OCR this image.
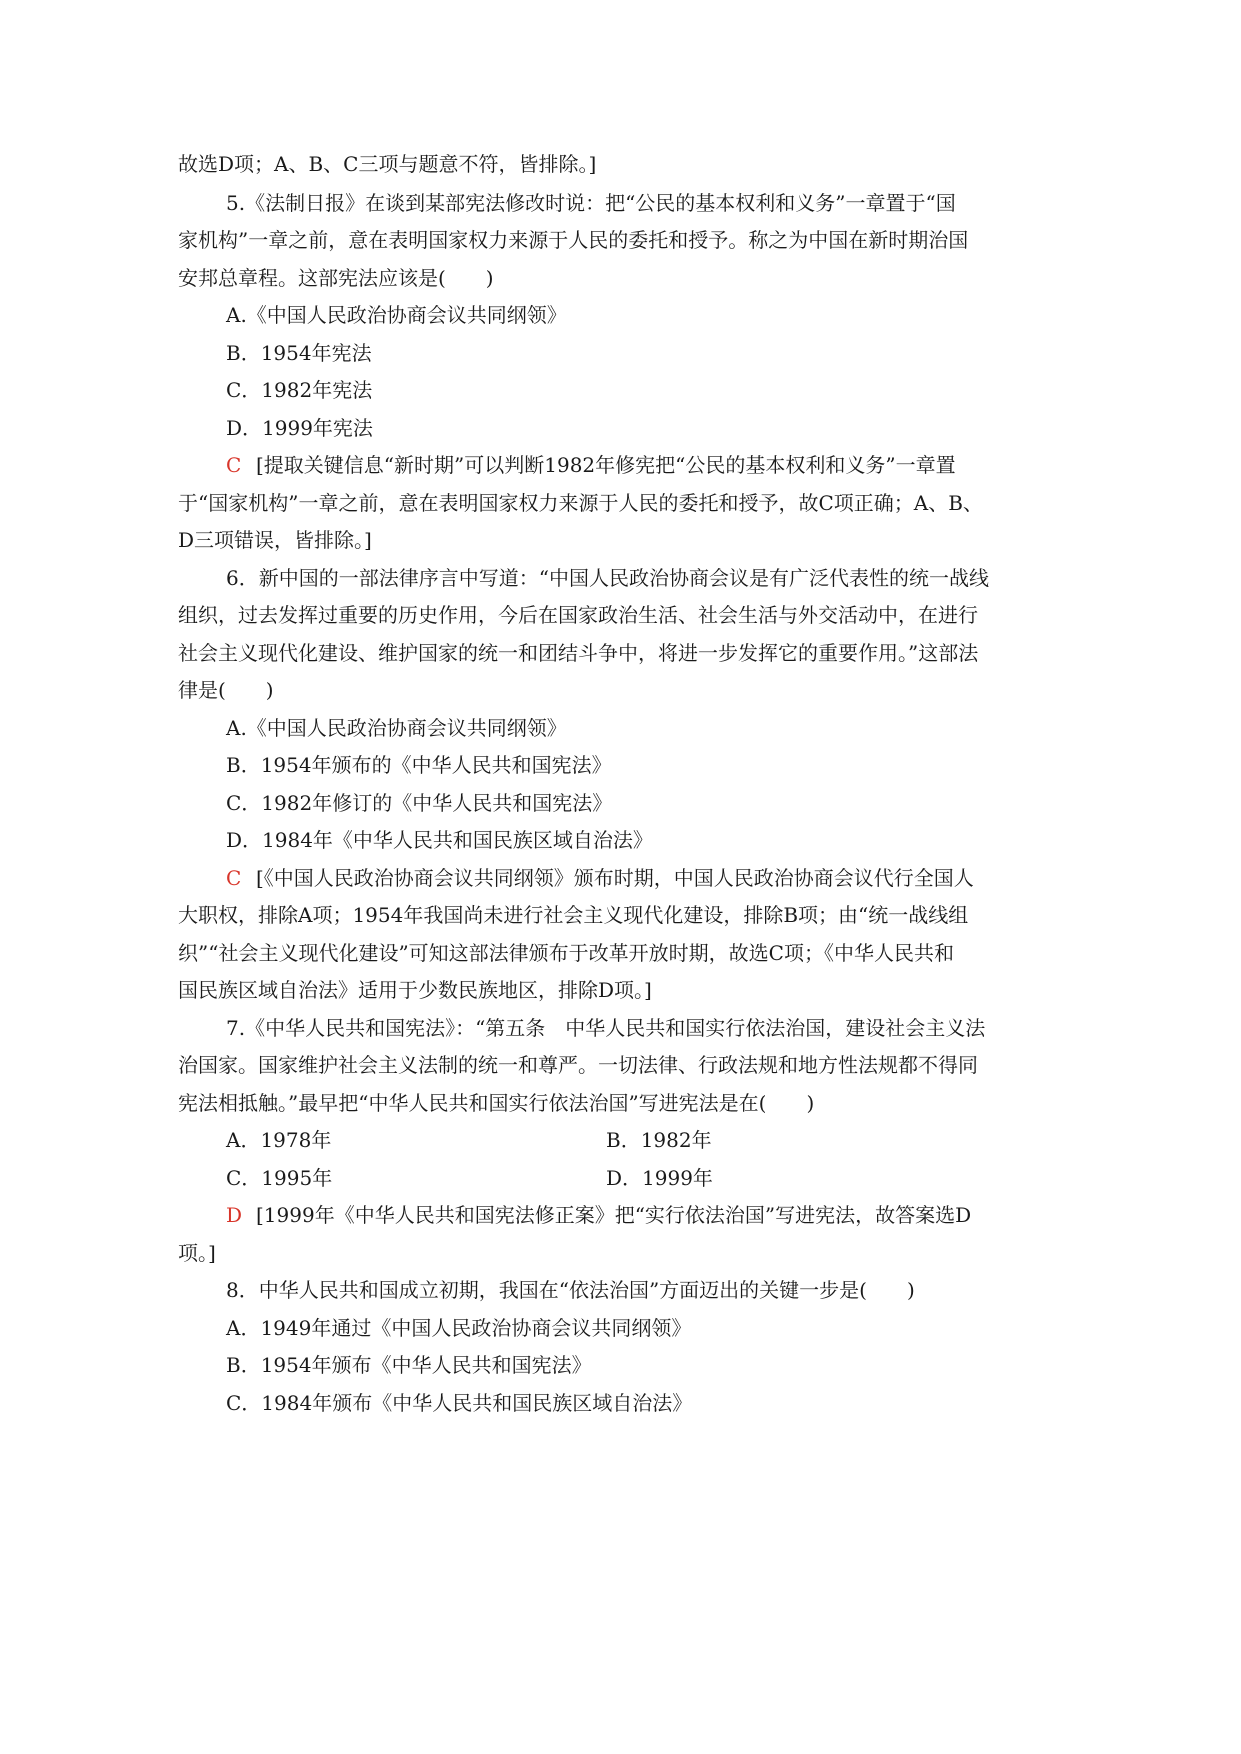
故选D项；A、B、C三项与题意不符，皆排除。]
5.《法制日报》在谈到某部宪法修改时说：把“公民的基本权利和义务”一章置于“国
家机构”一章之前，意在表明国家权力来源于人民的委托和授予。称之为中国在新时期治国
安邦总章程。这部宪法应该是(　　)
A.《中国人民政治协商会议共同纲领》
B．1954年宪法
C．1982年宪法
D．1999年宪法
C [提取关键信息“新时期”可以判断1982年修宪把“公民的基本权利和义务”一章置
于“国家机构”一章之前，意在表明国家权力来源于人民的委托和授予，故C项正确；A、B、
D三项错误，皆排除。]
6．新中国的一部法律序言中写道：“中国人民政治协商会议是有广泛代表性的统一战线
组织，过去发挥过重要的历史作用，今后在国家政治生活、社会生活与外交活动中，在进行
社会主义现代化建设、维护国家的统一和团结斗争中，将进一步发挥它的重要作用。”这部法
律是(　　)
A.《中国人民政治协商会议共同纲领》
B．1954年颁布的《中华人民共和国宪法》
C．1982年修订的《中华人民共和国宪法》
D．1984年《中华人民共和国民族区域自治法》
C [《中国人民政治协商会议共同纲领》颁布时期，中国人民政治协商会议代行全国人
大职权，排除A项；1954年我国尚未进行社会主义现代化建设，排除B项；由“统一战线组
织”“社会主义现代化建设”可知这部法律颁布于改革开放时期，故选C项；《中华人民共和
国民族区域自治法》适用于少数民族地区，排除D项。]
7.《中华人民共和国宪法》：“第五条　中华人民共和国实行依法治国，建设社会主义法
治国家。国家维护社会主义法制的统一和尊严。一切法律、行政法规和地方性法规都不得同
宪法相抵触。”最早把“中华人民共和国实行依法治国”写进宪法是在(　　)
A．1978年	B．1982年
C．1995年	D．1999年
D [1999年《中华人民共和国宪法修正案》把“实行依法治国”写进宪法，故答案选D
项。]
8．中华人民共和国成立初期，我国在“依法治国”方面迈出的关键一步是(　　)
A．1949年通过《中国人民政治协商会议共同纲领》
B．1954年颁布《中华人民共和国宪法》
C．1984年颁布《中华人民共和国民族区域自治法》
